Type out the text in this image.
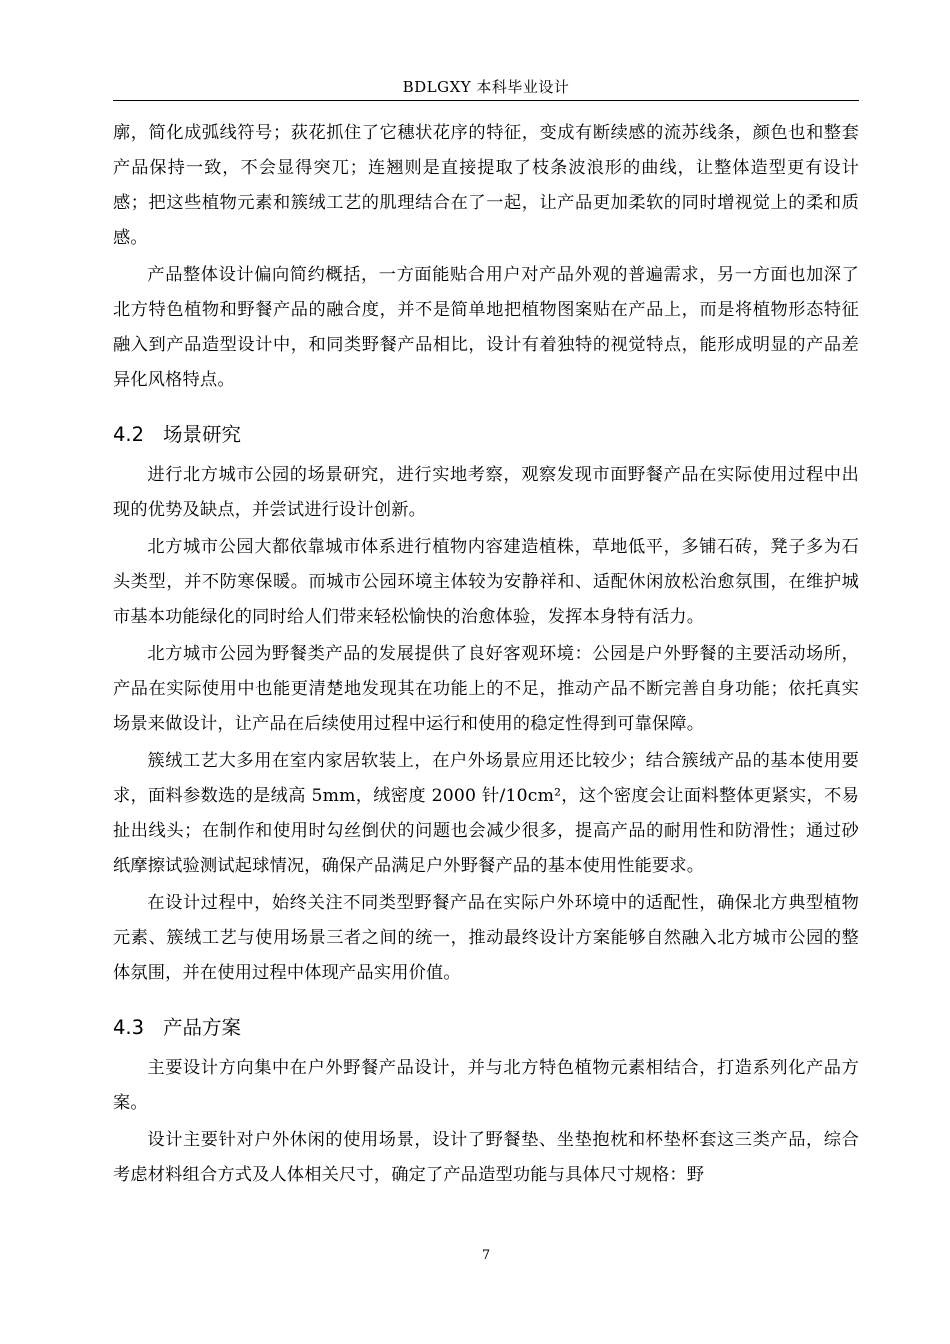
BDLGXY 本科毕业设计

廓，简化成弧线符号；荻花抓住了它穗状花序的特征，变成有断续感的流苏线条，颜色也和整套产品保持一致，不会显得突兀；连翘则是直接提取了枝条波浪形的曲线，让整体造型更有设计感；把这些植物元素和簇绒工艺的肌理结合在了一起，让产品更加柔软的同时增视觉上的柔和质感。

产品整体设计偏向简约概括，一方面能贴合用户对产品外观的普遍需求，另一方面也加深了北方特色植物和野餐产品的融合度，并不是简单地把植物图案贴在产品上，而是将植物形态特征融入到产品造型设计中，和同类野餐产品相比，设计有着独特的视觉特点，能形成明显的产品差异化风格特点。

4.2 场景研究

进行北方城市公园的场景研究，进行实地考察，观察发现市面野餐产品在实际使用过程中出现的优势及缺点，并尝试进行设计创新。

北方城市公园大都依靠城市体系进行植物内容建造植株，草地低平，多铺石砖，凳子多为石头类型，并不防寒保暖。而城市公园环境主体较为安静祥和、适配休闲放松治愈氛围，在维护城市基本功能绿化的同时给人们带来轻松愉快的治愈体验，发挥本身特有活力。

北方城市公园为野餐类产品的发展提供了良好客观环境：公园是户外野餐的主要活动场所，产品在实际使用中也能更清楚地发现其在功能上的不足，推动产品不断完善自身功能；依托真实场景来做设计，让产品在后续使用过程中运行和使用的稳定性得到可靠保障。

簇绒工艺大多用在室内家居软装上，在户外场景应用还比较少；结合簇绒产品的基本使用要求，面料参数选的是绒高 5mm，绒密度 2000 针/10cm²，这个密度会让面料整体更紧实，不易扯出线头；在制作和使用时勾丝倒伏的问题也会减少很多，提高产品的耐用性和防滑性；通过砂纸摩擦试验测试起球情况，确保产品满足户外野餐产品的基本使用性能要求。

在设计过程中，始终关注不同类型野餐产品在实际户外环境中的适配性，确保北方典型植物元素、簇绒工艺与使用场景三者之间的统一，推动最终设计方案能够自然融入北方城市公园的整体氛围，并在使用过程中体现产品实用价值。

4.3 产品方案

主要设计方向集中在户外野餐产品设计，并与北方特色植物元素相结合，打造系列化产品方案。

设计主要针对户外休闲的使用场景，设计了野餐垫、坐垫抱枕和杯垫杯套这三类产品，综合考虑材料组合方式及人体相关尺寸，确定了产品造型功能与具体尺寸规格：野

7
